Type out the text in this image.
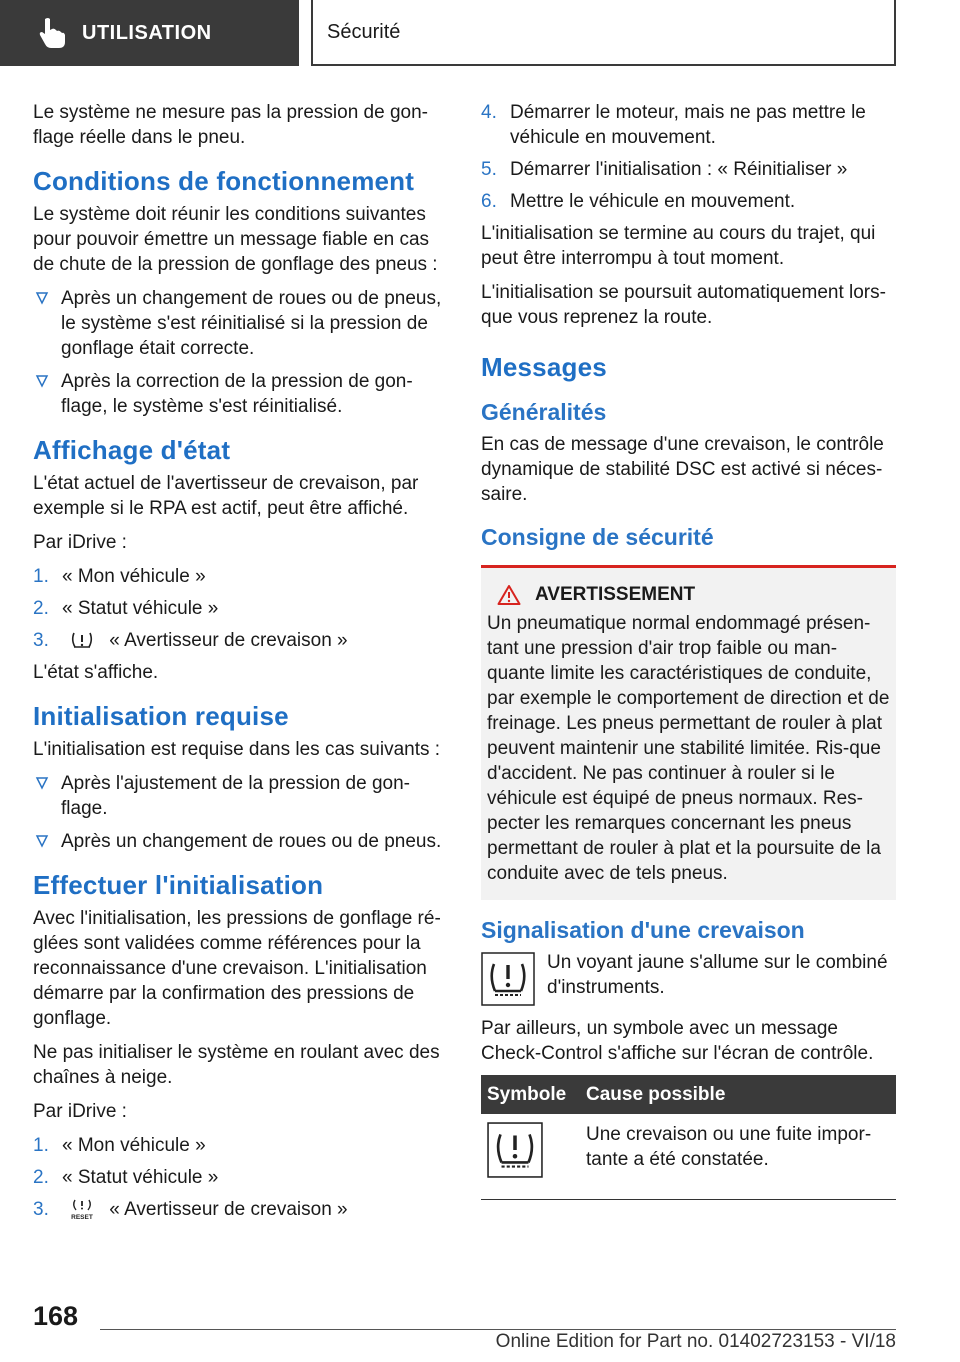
UTILISATION	Sécurité

Le système ne mesure pas la pression de gon-flage réelle dans le pneu.

Conditions de fonctionnement

Le système doit réunir les conditions suivantes pour pouvoir émettre un message fiable en cas de chute de la pression de gonflage des pneus :

Après un changement de roues ou de pneus, le système s'est réinitialisé si la pression de gonflage était correcte.
Après la correction de la pression de gon-flage, le système s'est réinitialisé.
Affichage d'état

L'état actuel de l'avertisseur de crevaison, par exemple si le RPA est actif, peut être affiché.

Par iDrive :

1. « Mon véhicule »
2. « Statut véhicule »
3.	« Avertisseur de crevaison »

L'état s'affiche.

Initialisation requise

L'initialisation est requise dans les cas suivants :

Après l'ajustement de la pression de gon-flage.
Après un changement de roues ou de pneus.
Effectuer l'initialisation

Avec l'initialisation, les pressions de gonflage ré-glées sont validées comme références pour la reconnaissance d'une crevaison. L'initialisation démarre par la confirmation des pressions de gonflage.

Ne pas initialiser le système en roulant avec des chaînes à neige.

Par iDrive :

1. « Mon véhicule »
2. « Statut véhicule »
3.	RESET « Avertisseur de crevaison »
4. Démarrer le moteur, mais ne pas mettre le véhicule en mouvement.
5. Démarrer l'initialisation : « Réinitialiser »
6. Mettre le véhicule en mouvement.

L'initialisation se termine au cours du trajet, qui peut être interrompu à tout moment.

L'initialisation se poursuit automatiquement lors-que vous reprenez la route.

Messages
Généralités

En cas de message d'une crevaison, le contrôle dynamique de stabilité DSC est activé si néces-saire.

Consigne de sécurité
AVERTISSEMENT

Un pneumatique normal endommagé présen-tant une pression d'air trop faible ou man-quante limite les caractéristiques de conduite, par exemple le comportement de direction et de freinage. Les pneus permettant de rouler à plat peuvent maintenir une stabilité limitée. Ris-que d'accident. Ne pas continuer à rouler si le véhicule est équipé de pneus normaux. Res-pecter les remarques concernant les pneus permettant de rouler à plat et la poursuite de la conduite avec de tels pneus.

Signalisation d'une crevaison
Un voyant jaune s'allume sur le combiné d'instruments.

Par ailleurs, un symbole avec un message Check-Control s'affiche sur l'écran de contrôle.

Symbole	Cause possible
	Une crevaison ou une fuite impor-tante a été constatée.
168
Online Edition for Part no. 01402723153 - VI/18
